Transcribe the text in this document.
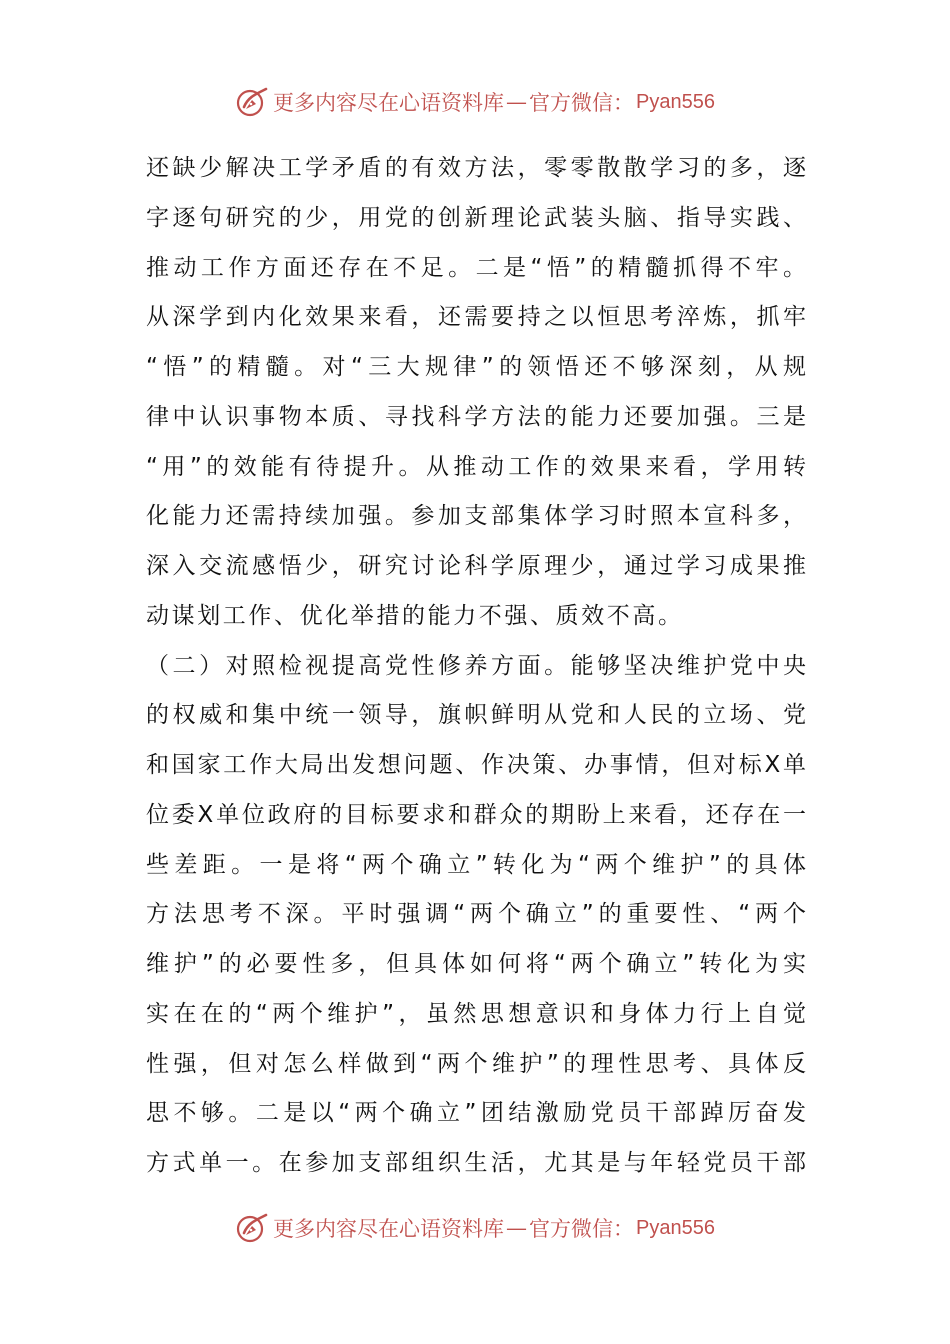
更多内容尽在心语资料库 — 官方微信： Pyan556
还缺少解决工学矛盾的有效方法，零零散散学习的多，逐
字逐句研究的少，用党的创新理论武装头脑、指导实践、
推动工作方面还存在不足。二是“悟”的精髓抓得不牢。
从深学到内化效果来看，还需要持之以恒思考淬炼，抓牢
“悟”的精髓。对“三大规律”的领悟还不够深刻，从规
律中认识事物本质、寻找科学方法的能力还要加强。三是
“用”的效能有待提升。从推动工作的效果来看，学用转
化能力还需持续加强。参加支部集体学习时照本宣科多，
深入交流感悟少，研究讨论科学原理少，通过学习成果推
动谋划工作、优化举措的能力不强、质效不高。
（二）对照检视提高党性修养方面。能够坚决维护党中央
的权威和集中统一领导，旗帜鲜明从党和人民的立场、党
和国家工作大局出发想问题、作决策、办事情，但对标X单
位委X单位政府的目标要求和群众的期盼上来看，还存在一
些差距。一是将“两个确立”转化为“两个维护”的具体
方法思考不深。平时强调“两个确立”的重要性、“两个
维护”的必要性多，但具体如何将“两个确立”转化为实
实在在的“两个维护”，虽然思想意识和身体力行上自觉
性强，但对怎么样做到“两个维护”的理性思考、具体反
思不够。二是以“两个确立”团结激励党员干部踔厉奋发
方式单一。在参加支部组织生活，尤其是与年轻党员干部
更多内容尽在心语资料库 — 官方微信： Pyan556
